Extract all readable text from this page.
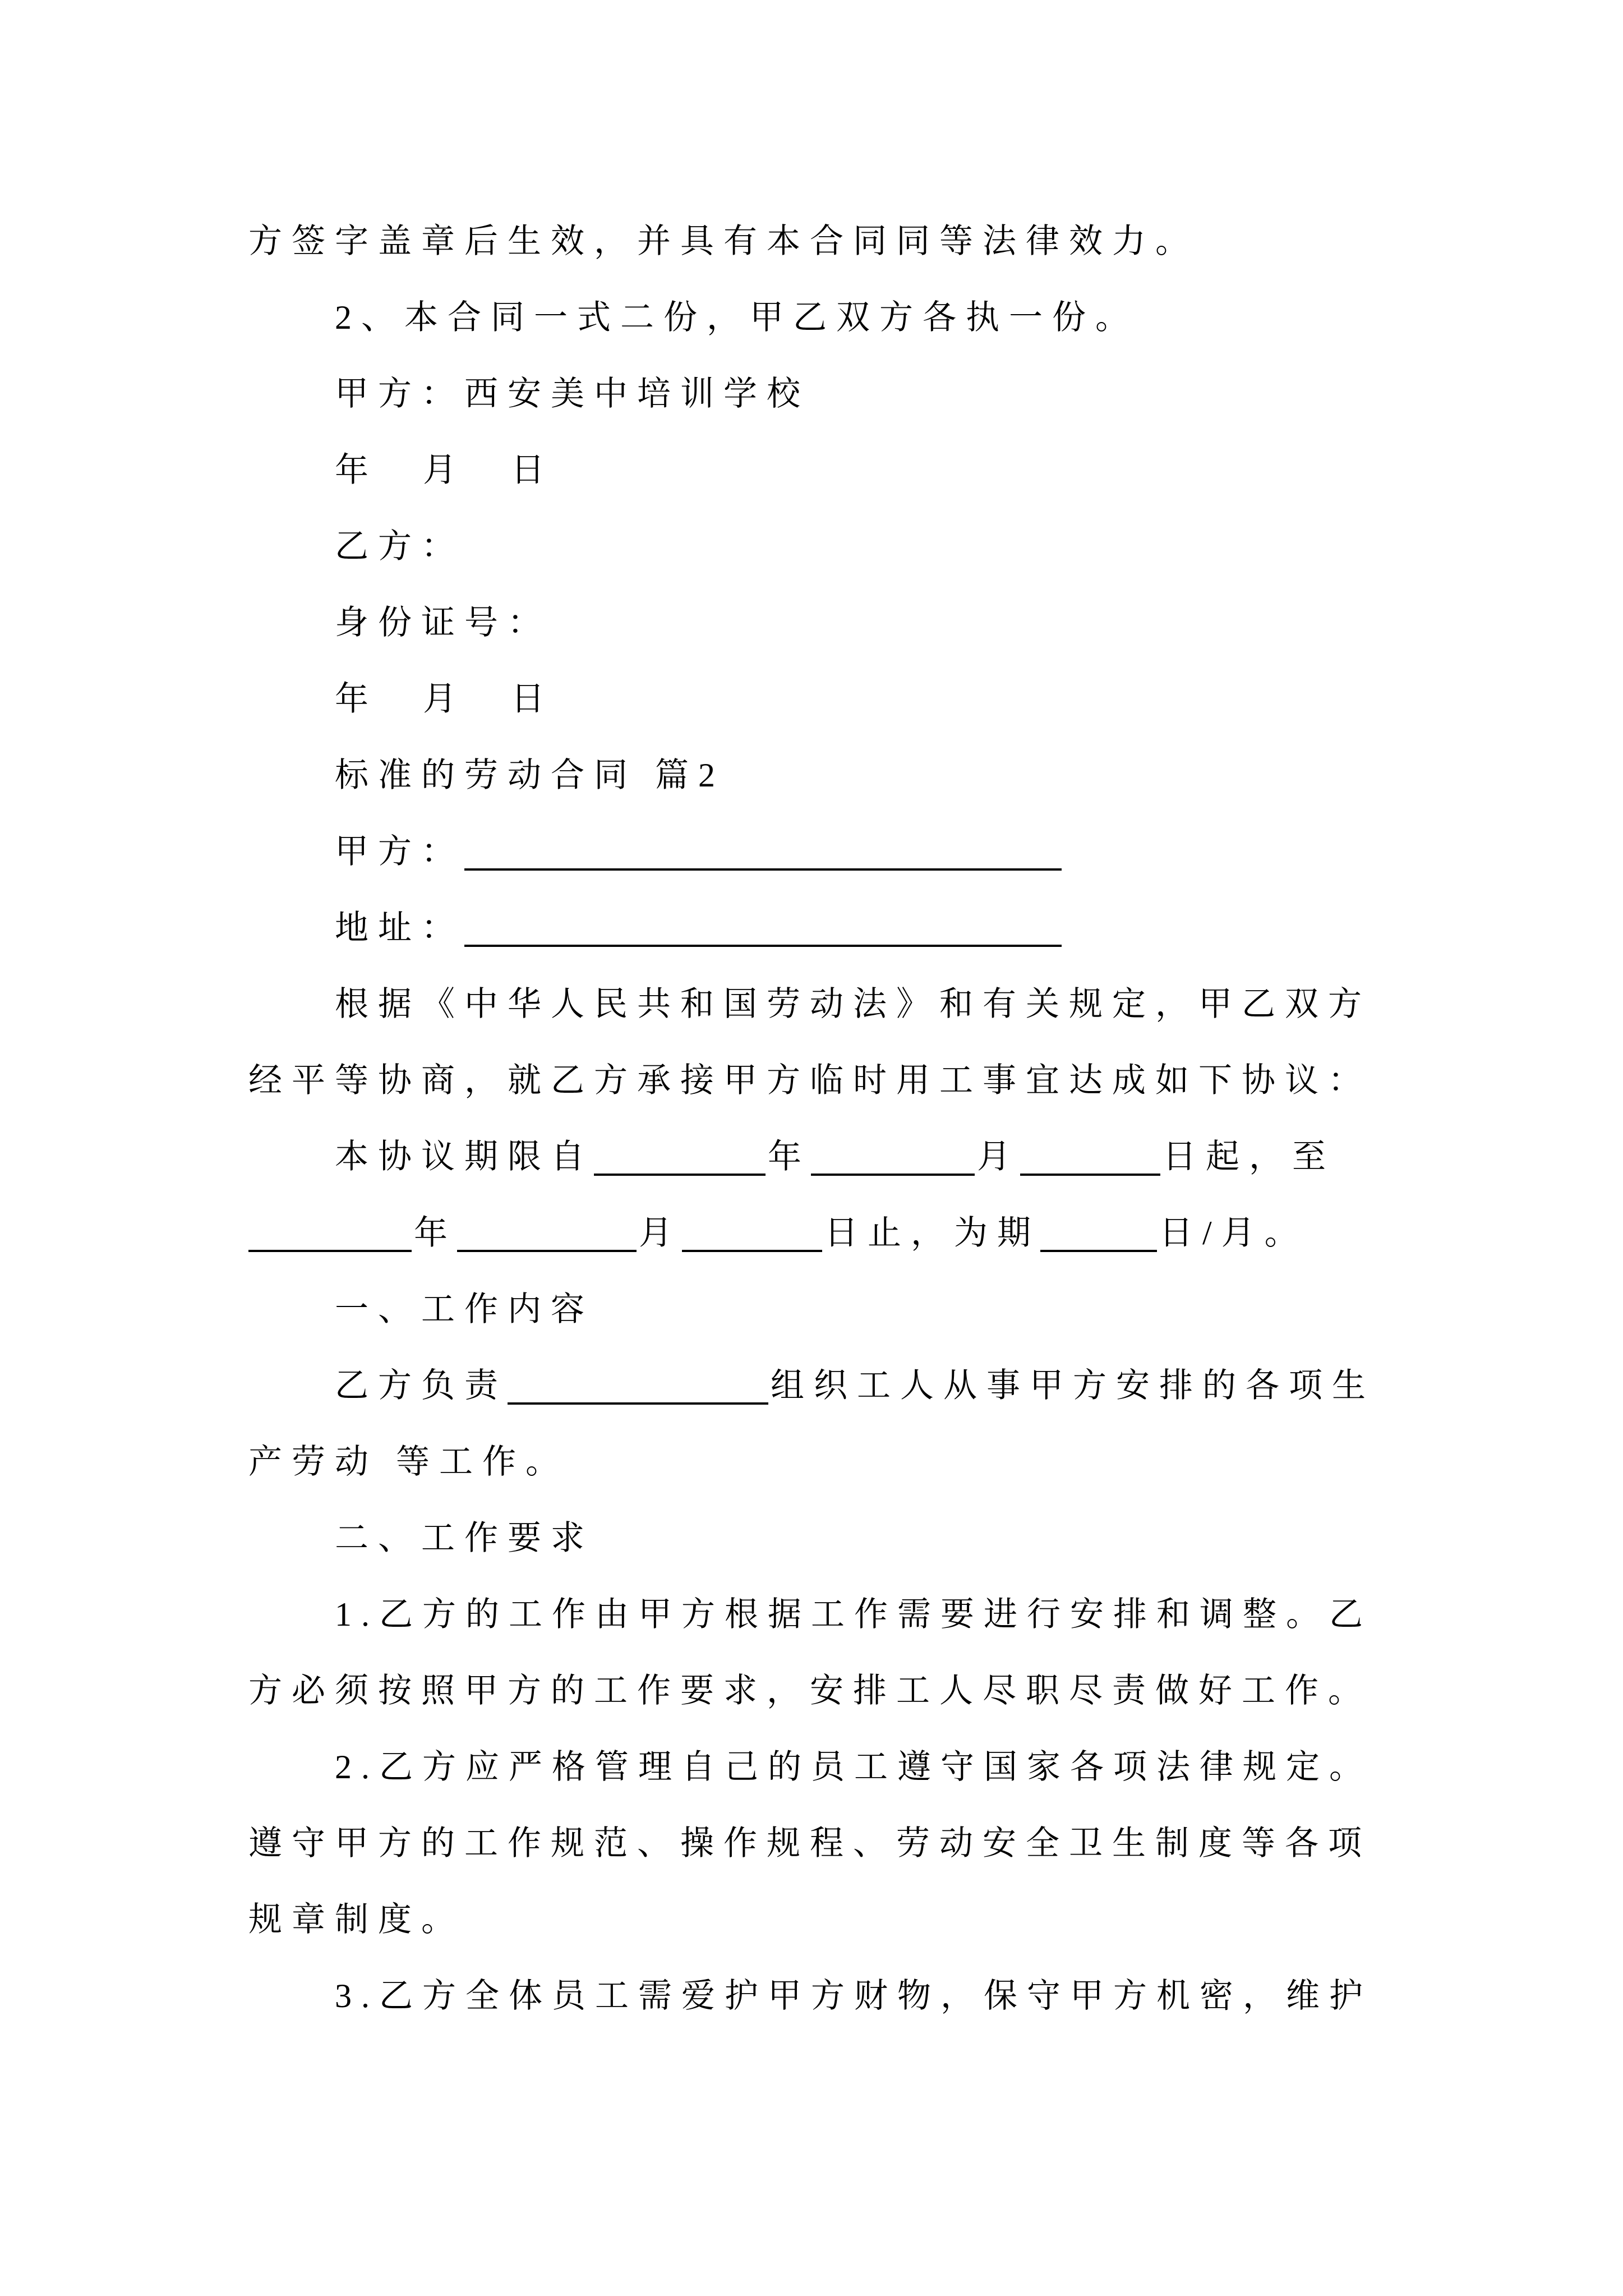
方签字盖章后生效，并具有本合同同等法律效力。
2、本合同一式二份，甲乙双方各执一份。
甲方：西安美中培训学校
年 月 日
乙方：
身份证号：
年 月 日
标准的劳动合同 篇2
甲方：
地址：
根据《中华人民共和国劳动法》和有关规定，甲乙双方
经平等协商，就乙方承接甲方临时用工事宜达成如下协议：
本协议期限自	年	月	日起，至
年	月	日止，为期	日/月。
一、工作内容
乙方负责	组织工人从事甲方安排的各项生
产劳动 等工作。
二、工作要求
1.乙方的工作由甲方根据工作需要进行安排和调整。乙
方必须按照甲方的工作要求，安排工人尽职尽责做好工作。
2.乙方应严格管理自己的员工遵守国家各项法律规定。
遵守甲方的工作规范、操作规程、劳动安全卫生制度等各项
规章制度。
3.乙方全体员工需爱护甲方财物，保守甲方机密，维护
